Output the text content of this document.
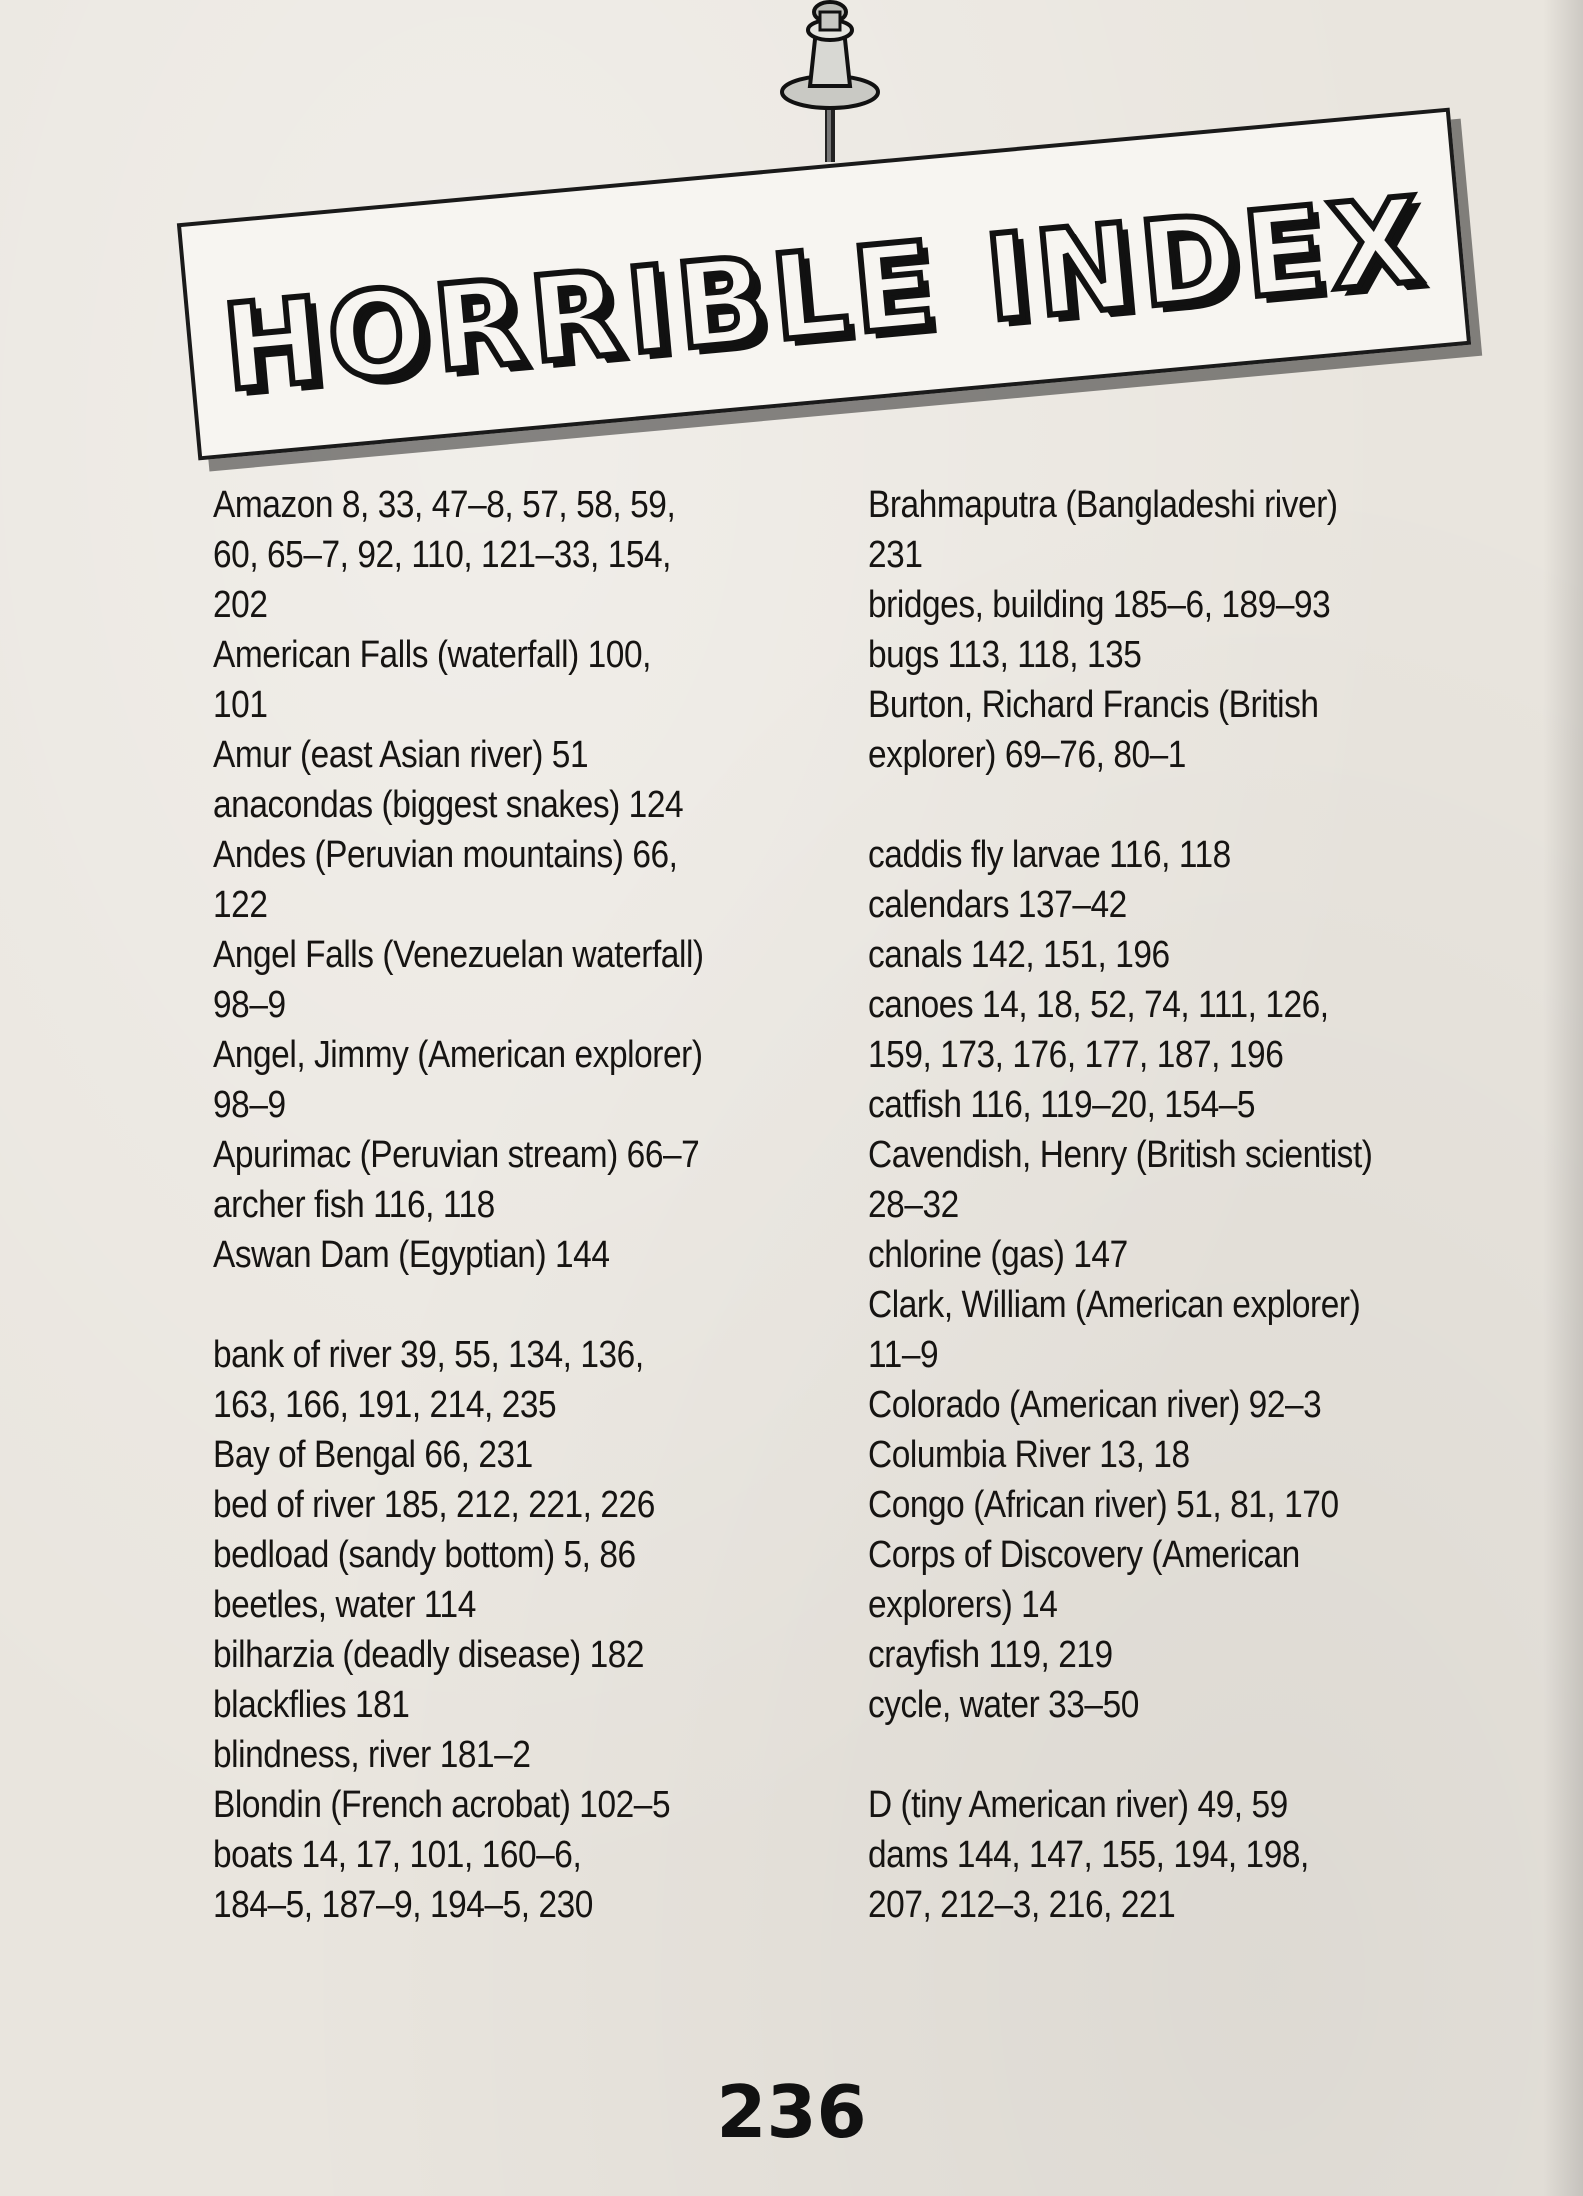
HORRIBLE INDEX
Amazon 8, 33, 47–8, 57, 58, 59,
60, 65–7, 92, 110, 121–33, 154,
202
American Falls (waterfall) 100,
101
Amur (east Asian river) 51
anacondas (biggest snakes) 124
Andes (Peruvian mountains) 66,
122
Angel Falls (Venezuelan waterfall)
98–9
Angel, Jimmy (American explorer)
98–9
Apurimac (Peruvian stream) 66–7
archer fish 116, 118
Aswan Dam (Egyptian) 144
bank of river 39, 55, 134, 136,
163, 166, 191, 214, 235
Bay of Bengal 66, 231
bed of river 185, 212, 221, 226
bedload (sandy bottom) 5, 86
beetles, water 114
bilharzia (deadly disease) 182
blackflies 181
blindness, river 181–2
Blondin (French acrobat) 102–5
boats 14, 17, 101, 160–6,
184–5, 187–9, 194–5, 230
Brahmaputra (Bangladeshi river)
231
bridges, building 185–6, 189–93
bugs 113, 118, 135
Burton, Richard Francis (British
explorer) 69–76, 80–1
caddis fly larvae 116, 118
calendars 137–42
canals 142, 151, 196
canoes 14, 18, 52, 74, 111, 126,
159, 173, 176, 177, 187, 196
catfish 116, 119–20, 154–5
Cavendish, Henry (British scientist)
28–32
chlorine (gas) 147
Clark, William (American explorer)
11–9
Colorado (American river) 92–3
Columbia River 13, 18
Congo (African river) 51, 81, 170
Corps of Discovery (American
explorers) 14
crayfish 119, 219
cycle, water 33–50
D (tiny American river) 49, 59
dams 144, 147, 155, 194, 198,
207, 212–3, 216, 221
236
